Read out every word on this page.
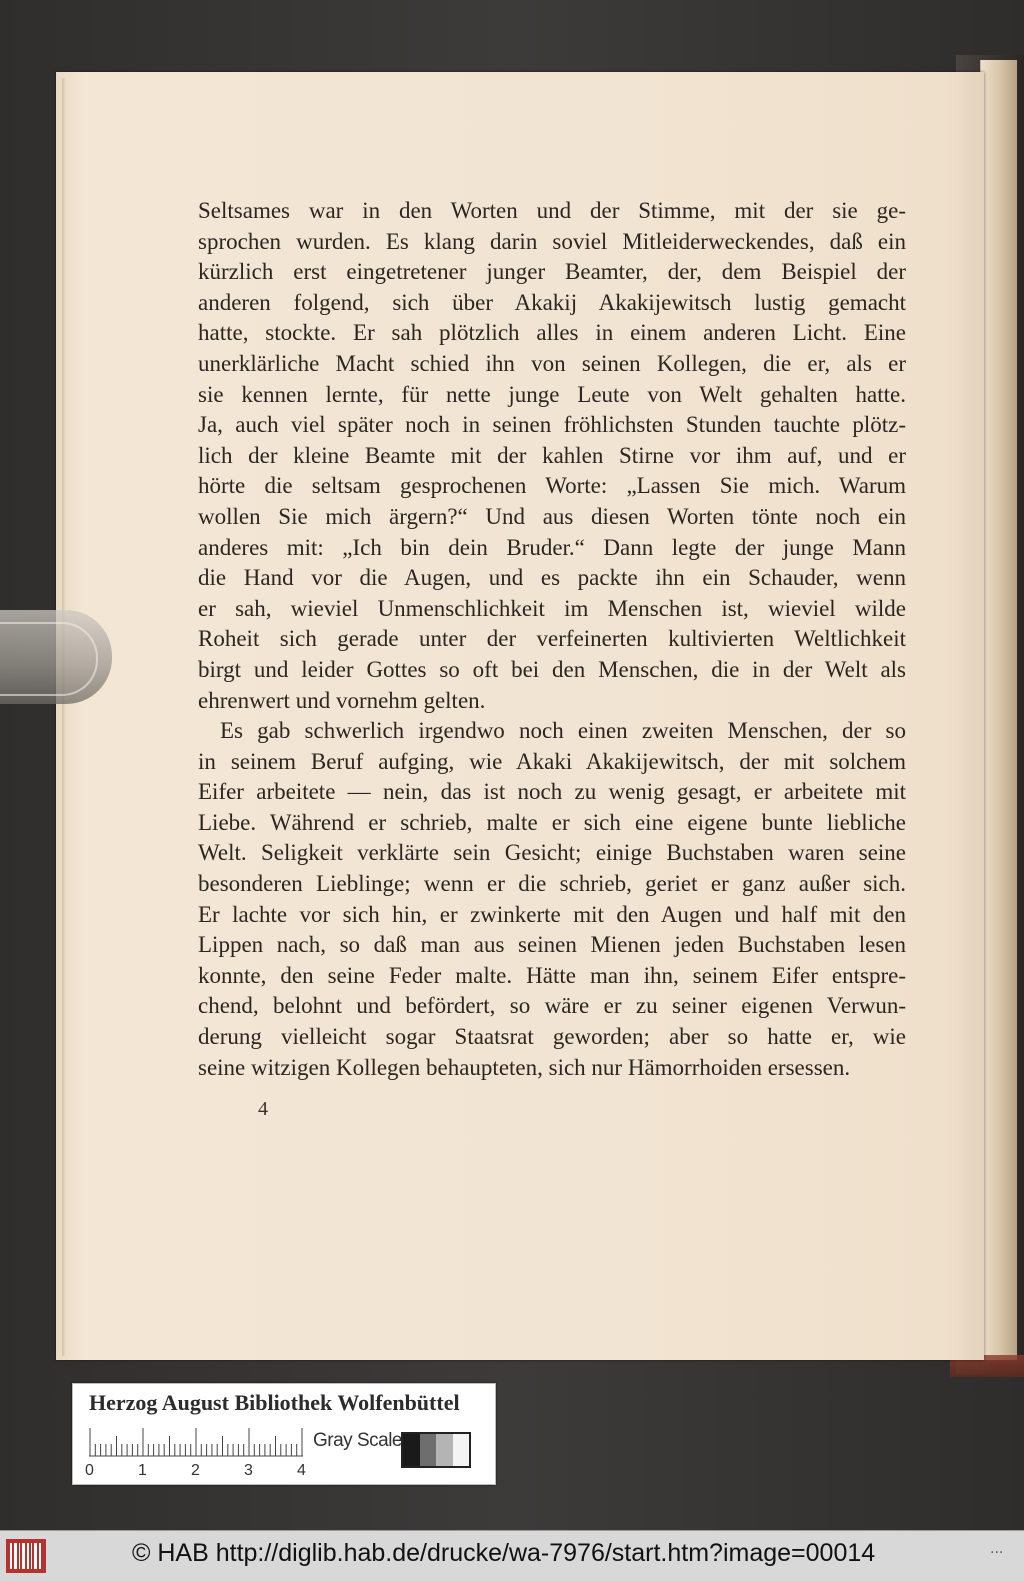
Seltsames war in den Worten und der Stimme, mit der sie ge-

sprochen wurden. Es klang darin soviel Mitleiderweckendes, daß ein

kürzlich erst eingetretener junger Beamter, der, dem Beispiel der

anderen folgend, sich über Akakij Akakijewitsch lustig gemacht

hatte, stockte. Er sah plötzlich alles in einem anderen Licht. Eine

unerklärliche Macht schied ihn von seinen Kollegen, die er, als er

sie kennen lernte, für nette junge Leute von Welt gehalten hatte.

Ja, auch viel später noch in seinen fröhlichsten Stunden tauchte plötz-

lich der kleine Beamte mit der kahlen Stirne vor ihm auf, und er

hörte die seltsam gesprochenen Worte: „Lassen Sie mich. Warum

wollen Sie mich ärgern?“ Und aus diesen Worten tönte noch ein

anderes mit: „Ich bin dein Bruder.“ Dann legte der junge Mann

die Hand vor die Augen, und es packte ihn ein Schauder, wenn

er sah, wieviel Unmenschlichkeit im Menschen ist, wieviel wilde

Roheit sich gerade unter der verfeinerten kultivierten Weltlichkeit

birgt und leider Gottes so oft bei den Menschen, die in der Welt als

ehrenwert und vornehm gelten.

Es gab schwerlich irgendwo noch einen zweiten Menschen, der so

in seinem Beruf aufging, wie Akaki Akakijewitsch, der mit solchem

Eifer arbeitete — nein, das ist noch zu wenig gesagt, er arbeitete mit

Liebe. Während er schrieb, malte er sich eine eigene bunte liebliche

Welt. Seligkeit verklärte sein Gesicht; einige Buchstaben waren seine

besonderen Lieblinge; wenn er die schrieb, geriet er ganz außer sich.

Er lachte vor sich hin, er zwinkerte mit den Augen und half mit den

Lippen nach, so daß man aus seinen Mienen jeden Buchstaben lesen

konnte, den seine Feder malte. Hätte man ihn, seinem Eifer entspre-

chend, belohnt und befördert, so wäre er zu seiner eigenen Verwun-

derung vielleicht sogar Staatsrat geworden; aber so hatte er, wie

seine witzigen Kollegen behaupteten, sich nur Hämorrhoiden ersessen.

4
Herzog August Bibliothek Wolfenbüttel
0	1	2	3	4
Gray Scale
© HAB http://diglib.hab.de/drucke/wa-7976/start.htm?image=00014	...
